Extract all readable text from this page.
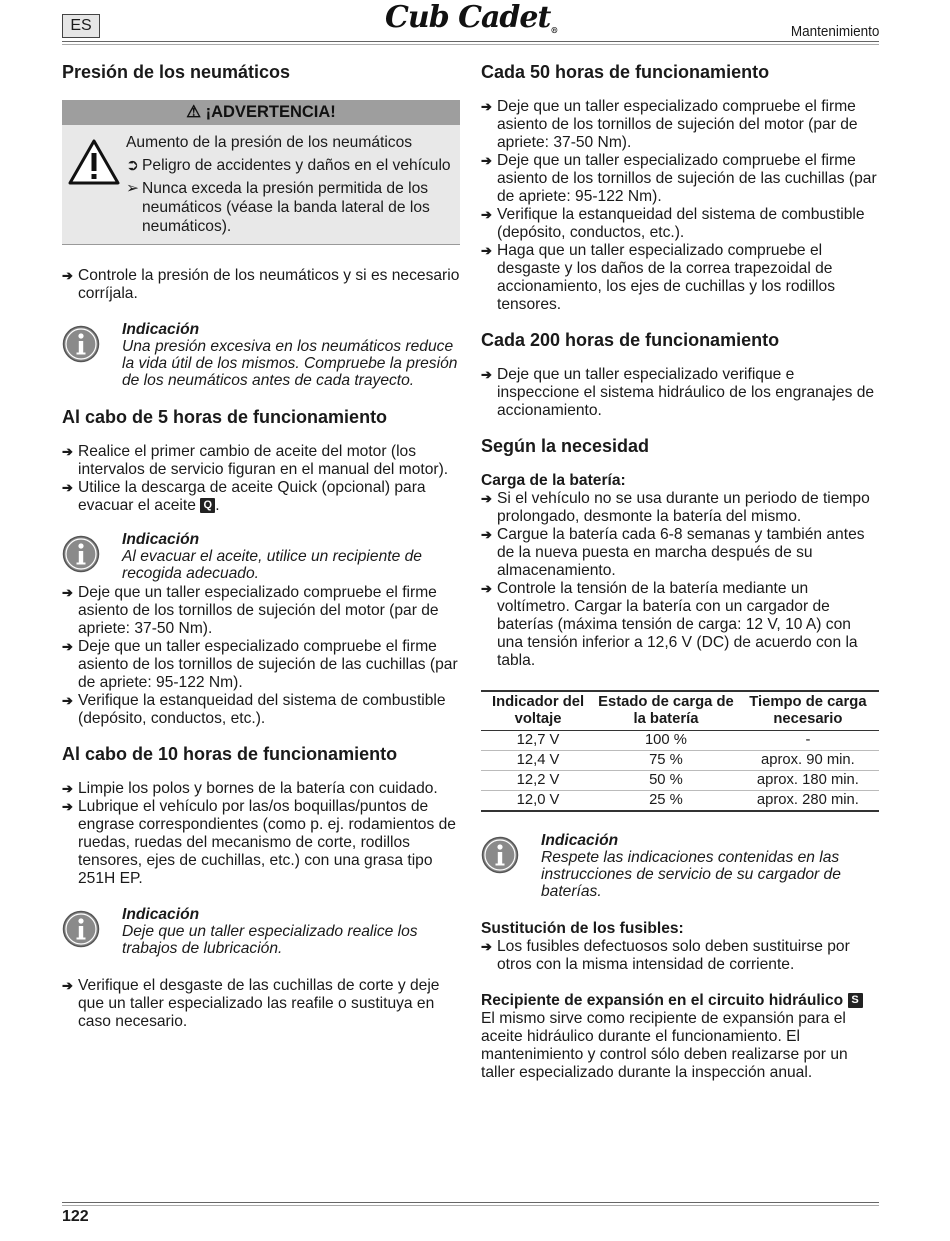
ES	Cub Cadet®	Mantenimiento
Presión de los neumáticos
⚠ ¡ADVERTENCIA!
Aumento de la presión de los neumáticos
➲ Peligro de accidentes y daños en el vehículo
➢ Nunca exceda la presión permitida de los neumáticos (véase la banda lateral de los neumáticos).
➔ Controle la presión de los neumáticos y si es necesario corríjala.
Indicación
Una presión excesiva en los neumáticos reduce la vida útil de los mismos. Compruebe la presión de los neumáticos antes de cada trayecto.
Al cabo de 5 horas de funcionamiento
➔ Realice el primer cambio de aceite del motor (los intervalos de servicio figuran en el manual del motor).
➔ Utilice la descarga de aceite Quick (opcional) para evacuar el aceite Q .
Indicación
Al evacuar el aceite, utilice un recipiente de recogida adecuado.
➔ Deje que un taller especializado compruebe el firme asiento de los tornillos de sujeción del motor (par de apriete: 37-50 Nm).
➔ Deje que un taller especializado compruebe el firme asiento de los tornillos de sujeción de las cuchillas (par de apriete: 95-122 Nm).
➔ Verifique la estanqueidad del sistema de combustible (depósito, conductos, etc.).
Al cabo de 10 horas de funcionamiento
➔ Limpie los polos y bornes de la batería con cuidado.
➔ Lubrique el vehículo por las/os boquillas/puntos de engrase correspondientes (como p. ej. rodamientos de ruedas, ruedas del mecanismo de corte, rodillos tensores, ejes de cuchillas, etc.) con una grasa tipo 251H EP.
Indicación
Deje que un taller especializado realice los trabajos de lubricación.
➔ Verifique el desgaste de las cuchillas de corte y deje que un taller especializado las reafile o sustituya en caso necesario.
Cada 50 horas de funcionamiento
➔ Deje que un taller especializado compruebe el firme asiento de los tornillos de sujeción del motor (par de apriete: 37-50 Nm).
➔ Deje que un taller especializado compruebe el firme asiento de los tornillos de sujeción de las cuchillas (par de apriete: 95-122 Nm).
➔ Verifique la estanqueidad del sistema de combustible (depósito, conductos, etc.).
➔ Haga que un taller especializado compruebe el desgaste y los daños de la correa trapezoidal de accionamiento, los ejes de cuchillas y los rodillos tensores.
Cada 200 horas de funcionamiento
➔ Deje que un taller especializado verifique e inspeccione el sistema hidráulico de los engranajes de accionamiento.
Según la necesidad
Carga de la batería:
➔ Si el vehículo no se usa durante un periodo de tiempo prolongado, desmonte la batería del mismo.
➔ Cargue la batería cada 6-8 semanas y también antes de la nueva puesta en marcha después de su almacenamiento.
➔ Controle la tensión de la batería mediante un voltímetro. Cargar la batería con un cargador de baterías (máxima tensión de carga: 12 V, 10 A) con una tensión inferior a 12,6 V (DC) de acuerdo con la tabla.
Indicador del voltaje	Estado de carga de la batería	Tiempo de carga necesario
12,7 V	100 %	-
12,4 V	75 %	aprox. 90 min.
12,2 V	50 %	aprox. 180 min.
12,0 V	25 %	aprox. 280 min.
Indicación
Respete las indicaciones contenidas en las instrucciones de servicio de su cargador de baterías.
Sustitución de los fusibles:
➔ Los fusibles defectuosos solo deben sustituirse por otros con la misma intensidad de corriente.
Recipiente de expansión en el circuito hidráulico S
El mismo sirve como recipiente de expansión para el aceite hidráulico durante el funcionamiento. El mantenimiento y control sólo deben realizarse por un taller especializado durante la inspección anual.
122
